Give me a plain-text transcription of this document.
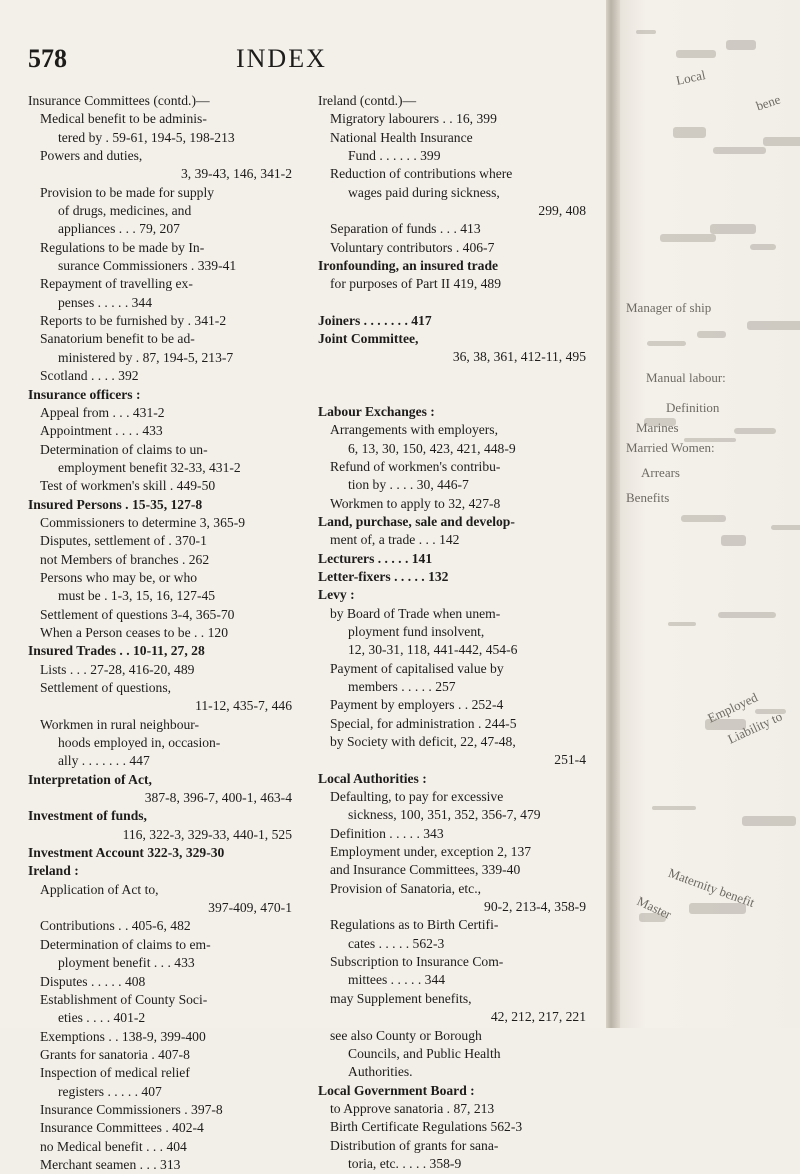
578	INDEX
Insurance Committees (contd.)—
Medical benefit to be adminis-
tered by . 59-61, 194-5, 198-213
Powers and duties,
3, 39-43, 146, 341-2
Provision to be made for supply
of drugs, medicines, and
appliances . . . 79, 207
Regulations to be made by In-
surance Commissioners . 339-41
Repayment of travelling ex-
penses . . . . . 344
Reports to be furnished by . 341-2
Sanatorium benefit to be ad-
ministered by . 87, 194-5, 213-7
Scotland . . . . 392
Insurance officers :
Appeal from . . . 431-2
Appointment . . . . 433
Determination of claims to un-
employment benefit 32-33, 431-2
Test of workmen's skill . 449-50
Insured Persons . 15-35, 127-8
Commissioners to determine 3, 365-9
Disputes, settlement of . 370-1
not Members of branches . 262
Persons who may be, or who
must be . 1-3, 15, 16, 127-45
Settlement of questions 3-4, 365-70
When a Person ceases to be . . 120
Insured Trades . . 10-11, 27, 28
Lists . . . 27-28, 416-20, 489
Settlement of questions,
11-12, 435-7, 446
Workmen in rural neighbour-
hoods employed in, occasion-
ally . . . . . . . 447
Interpretation of Act,
387-8, 396-7, 400-1, 463-4
Investment of funds,
116, 322-3, 329-33, 440-1, 525
Investment Account 322-3, 329-30
Ireland :
Application of Act to,
397-409, 470-1
Contributions . . 405-6, 482
Determination of claims to em-
ployment benefit . . . 433
Disputes . . . . . 408
Establishment of County Soci-
eties . . . . 401-2
Exemptions . . 138-9, 399-400
Grants for sanatoria . 407-8
Inspection of medical relief
registers . . . . . 407
Insurance Commissioners . 397-8
Insurance Committees . 402-4
no Medical benefit . . . 404
Merchant seamen . . . 313
Ireland (contd.)—
Migratory labourers . . 16, 399
National Health Insurance
Fund . . . . . . 399
Reduction of contributions where
wages paid during sickness,
299, 408
Separation of funds . . . 413
Voluntary contributors . 406-7
Ironfounding, an insured trade
for purposes of Part II 419, 489
Joiners . . . . . . . 417
Joint Committee,
36, 38, 361, 412-11, 495
Labour Exchanges :
Arrangements with employers,
6, 13, 30, 150, 423, 421, 448-9
Refund of workmen's contribu-
tion by . . . . 30, 446-7
Workmen to apply to 32, 427-8
Land, purchase, sale and develop-
ment of, a trade . . . 142
Lecturers . . . . . 141
Letter-fixers . . . . . 132
Levy :
by Board of Trade when unem-
ployment fund insolvent,
12, 30-31, 118, 441-442, 454-6
Payment of capitalised value by
members . . . . . 257
Payment by employers . . 252-4
Special, for administration . 244-5
by Society with deficit, 22, 47-48,
251-4
Local Authorities :
Defaulting, to pay for excessive
sickness, 100, 351, 352, 356-7, 479
Definition . . . . . 343
Employment under, exception 2, 137
and Insurance Committees, 339-40
Provision of Sanatoria, etc.,
90-2, 213-4, 358-9
Regulations as to Birth Certifi-
cates . . . . . 562-3
Subscription to Insurance Com-
mittees . . . . . 344
may Supplement benefits,
42, 212, 217, 221
see also County or Borough
Councils, and Public Health
Authorities.
Local Government Board :
to Approve sanatoria . 87, 213
Birth Certificate Regulations 562-3
Distribution of grants for sana-
toria, etc. . . . . 358-9
Local
bene
Manager of ship
Manual labour:
Definition
Marines
Married Women:
Arrears
Benefits
Employed
Liability to
Maternity benefit
Master
